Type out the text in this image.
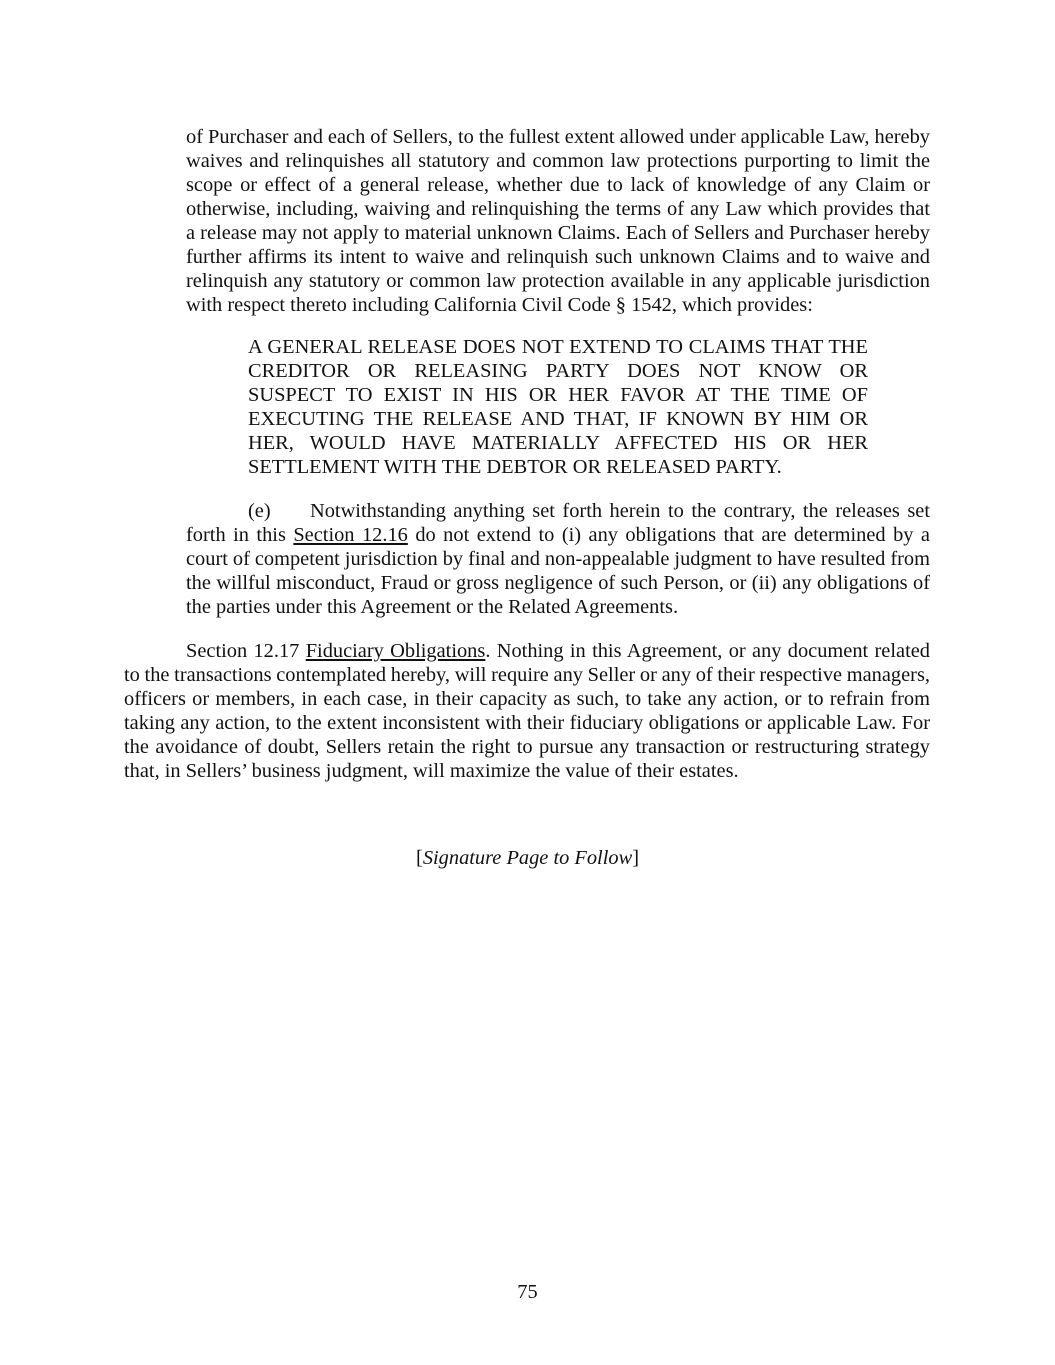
of Purchaser and each of Sellers, to the fullest extent allowed under applicable Law, hereby
waives and relinquishes all statutory and common law protections purporting to limit the
scope or effect of a general release, whether due to lack of knowledge of any Claim or
otherwise, including, waiving and relinquishing the terms of any Law which provides that
a release may not apply to material unknown Claims. Each of Sellers and Purchaser hereby
further affirms its intent to waive and relinquish such unknown Claims and to waive and
relinquish any statutory or common law protection available in any applicable jurisdiction
with respect thereto including California Civil Code § 1542, which provides:
A GENERAL RELEASE DOES NOT EXTEND TO CLAIMS THAT THE
CREDITOR OR RELEASING PARTY DOES NOT KNOW OR
SUSPECT TO EXIST IN HIS OR HER FAVOR AT THE TIME OF
EXECUTING THE RELEASE AND THAT, IF KNOWN BY HIM OR
HER, WOULD HAVE MATERIALLY AFFECTED HIS OR HER
SETTLEMENT WITH THE DEBTOR OR RELEASED PARTY.
(e)	Notwithstanding anything set forth herein to the contrary, the releases set
forth in this Section 12.16 do not extend to (i) any obligations that are determined by a
court of competent jurisdiction by final and non-appealable judgment to have resulted from
the willful misconduct, Fraud or gross negligence of such Person, or (ii) any obligations of
the parties under this Agreement or the Related Agreements.
Section 12.17 Fiduciary Obligations. Nothing in this Agreement, or any document related
to the transactions contemplated hereby, will require any Seller or any of their respective managers,
officers or members, in each case, in their capacity as such, to take any action, or to refrain from
taking any action, to the extent inconsistent with their fiduciary obligations or applicable Law. For
the avoidance of doubt, Sellers retain the right to pursue any transaction or restructuring strategy
that, in Sellers’ business judgment, will maximize the value of their estates.
[Signature Page to Follow]
75
